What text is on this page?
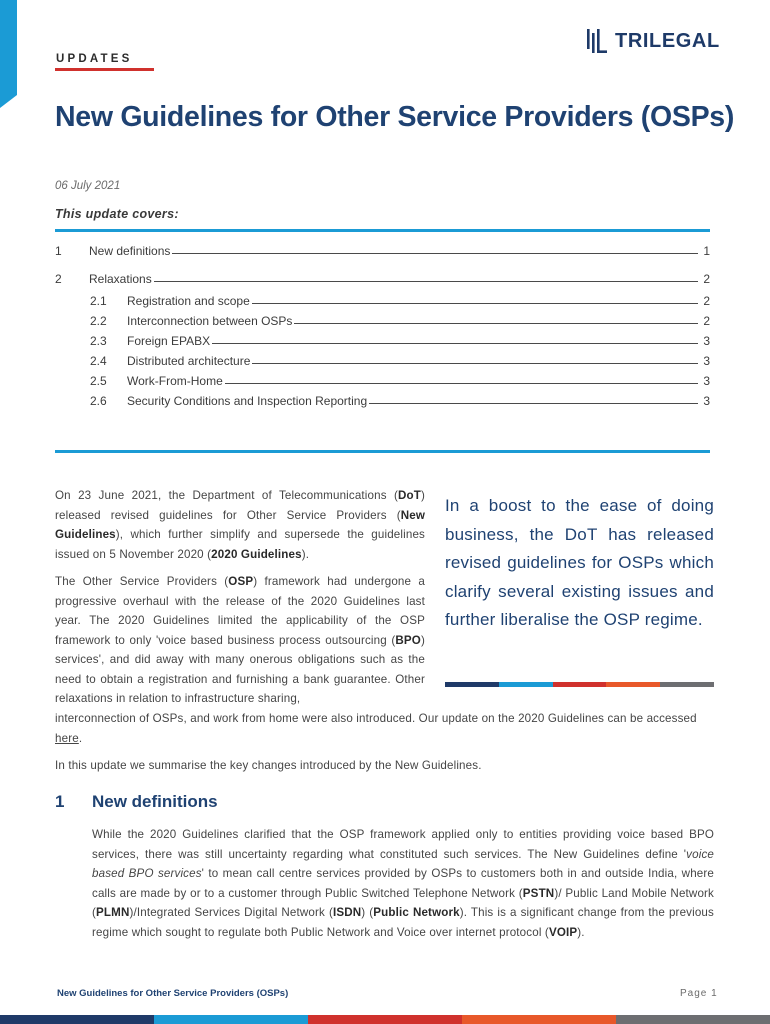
UPDATES
TRILEGAL
New Guidelines for Other Service Providers (OSPs)
06 July 2021
This update covers:
1	New definitions	1
2	Relaxations	2
2.1	Registration and scope	2
2.2	Interconnection between OSPs	2
2.3	Foreign EPABX	3
2.4	Distributed architecture	3
2.5	Work-From-Home	3
2.6	Security Conditions and Inspection Reporting	3

On 23 June 2021, the Department of Telecommunications (DoT) released revised guidelines for Other Service Providers (New Guidelines), which further simplify and supersede the guidelines issued on 5 November 2020 (2020 Guidelines).

The Other Service Providers (OSP) framework had undergone a progressive overhaul with the release of the 2020 Guidelines last year. The 2020 Guidelines limited the applicability of the OSP framework to only 'voice based business process outsourcing (BPO) services', and did away with many onerous obligations such as the need to obtain a registration and furnishing a bank guarantee. Other relaxations in relation to infrastructure sharing,

interconnection of OSPs, and work from home were also introduced. Our update on the 2020 Guidelines can be accessed here.

In this update we summarise the key changes introduced by the New Guidelines.

In a boost to the ease of doing business, the DoT has released revised guidelines for OSPs which clarify several existing issues and further liberalise the OSP regime.
1	New definitions

While the 2020 Guidelines clarified that the OSP framework applied only to entities providing voice based BPO services, there was still uncertainty regarding what constituted such services. The New Guidelines define 'voice based BPO services' to mean call centre services provided by OSPs to customers both in and outside India, where calls are made by or to a customer through Public Switched Telephone Network (PSTN)/ Public Land Mobile Network (PLMN)/Integrated Services Digital Network (ISDN) (Public Network). This is a significant change from the previous regime which sought to regulate both Public Network and Voice over internet protocol (VOIP).

New Guidelines for Other Service Providers (OSPs)	Page 1
